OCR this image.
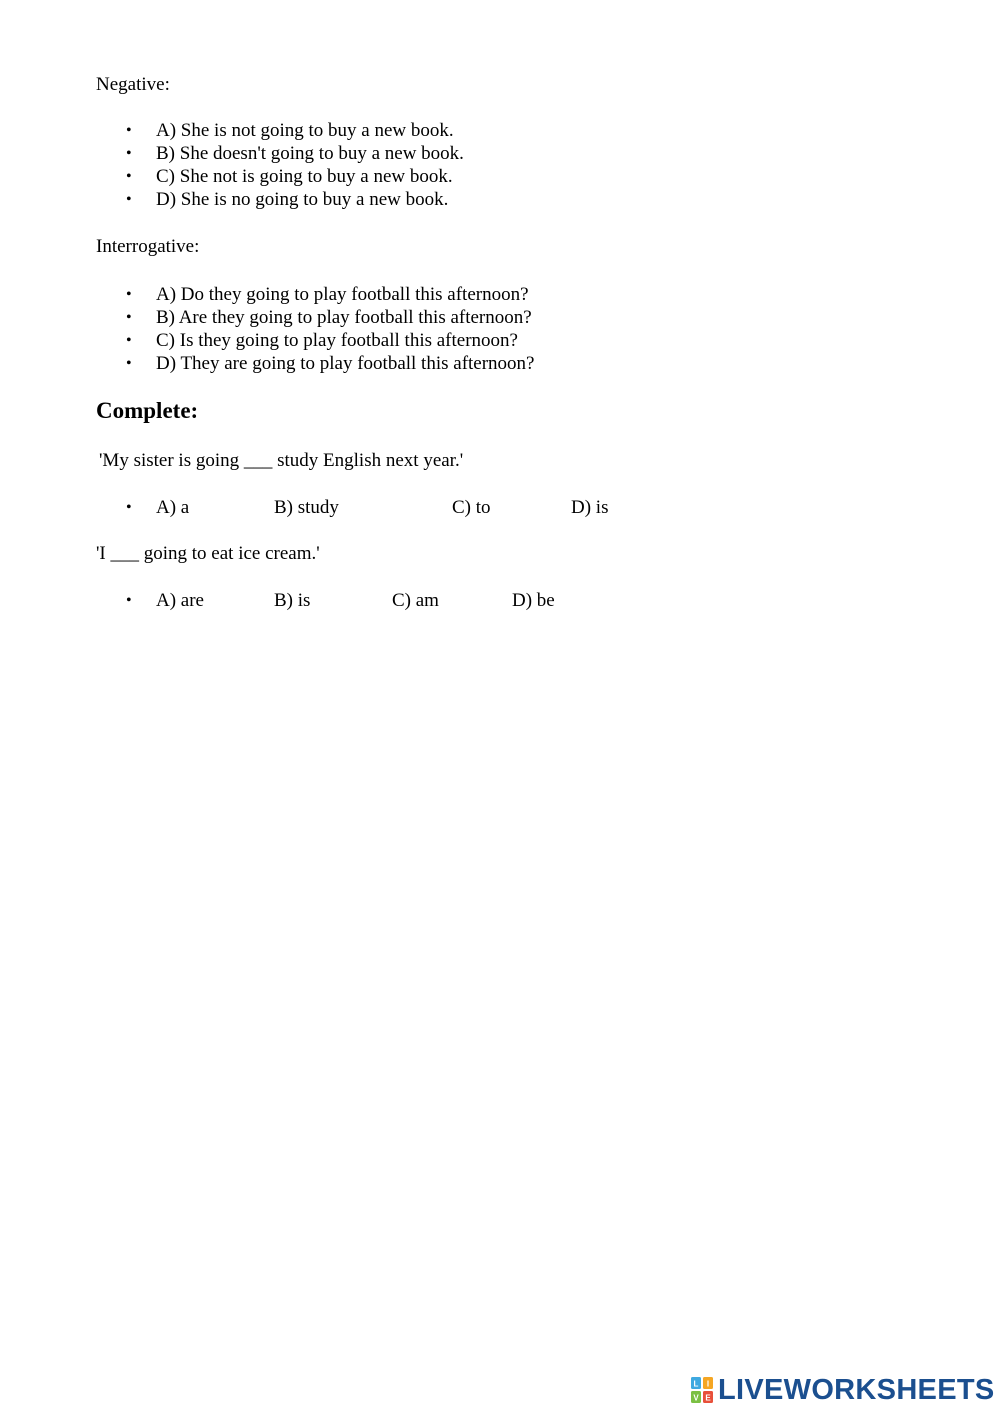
Negative:
• A) She is not going to buy a new book.
• B) She doesn't going to buy a new book.
• C) She not is going to buy a new book.
• D) She is no going to buy a new book.
Interrogative:
• A) Do they going to play football this afternoon?
• B) Are they going to play football this afternoon?
• C) Is they going to play football this afternoon?
• D) They are going to play football this afternoon?
Complete:
'My sister is going ___ study English next year.'
• A) a	B) study	C) to	D) is
'I ___ going to eat ice cream.'
• A) are	B) is	C) am	D) be
L I
V E LIVEWORKSHEETS
